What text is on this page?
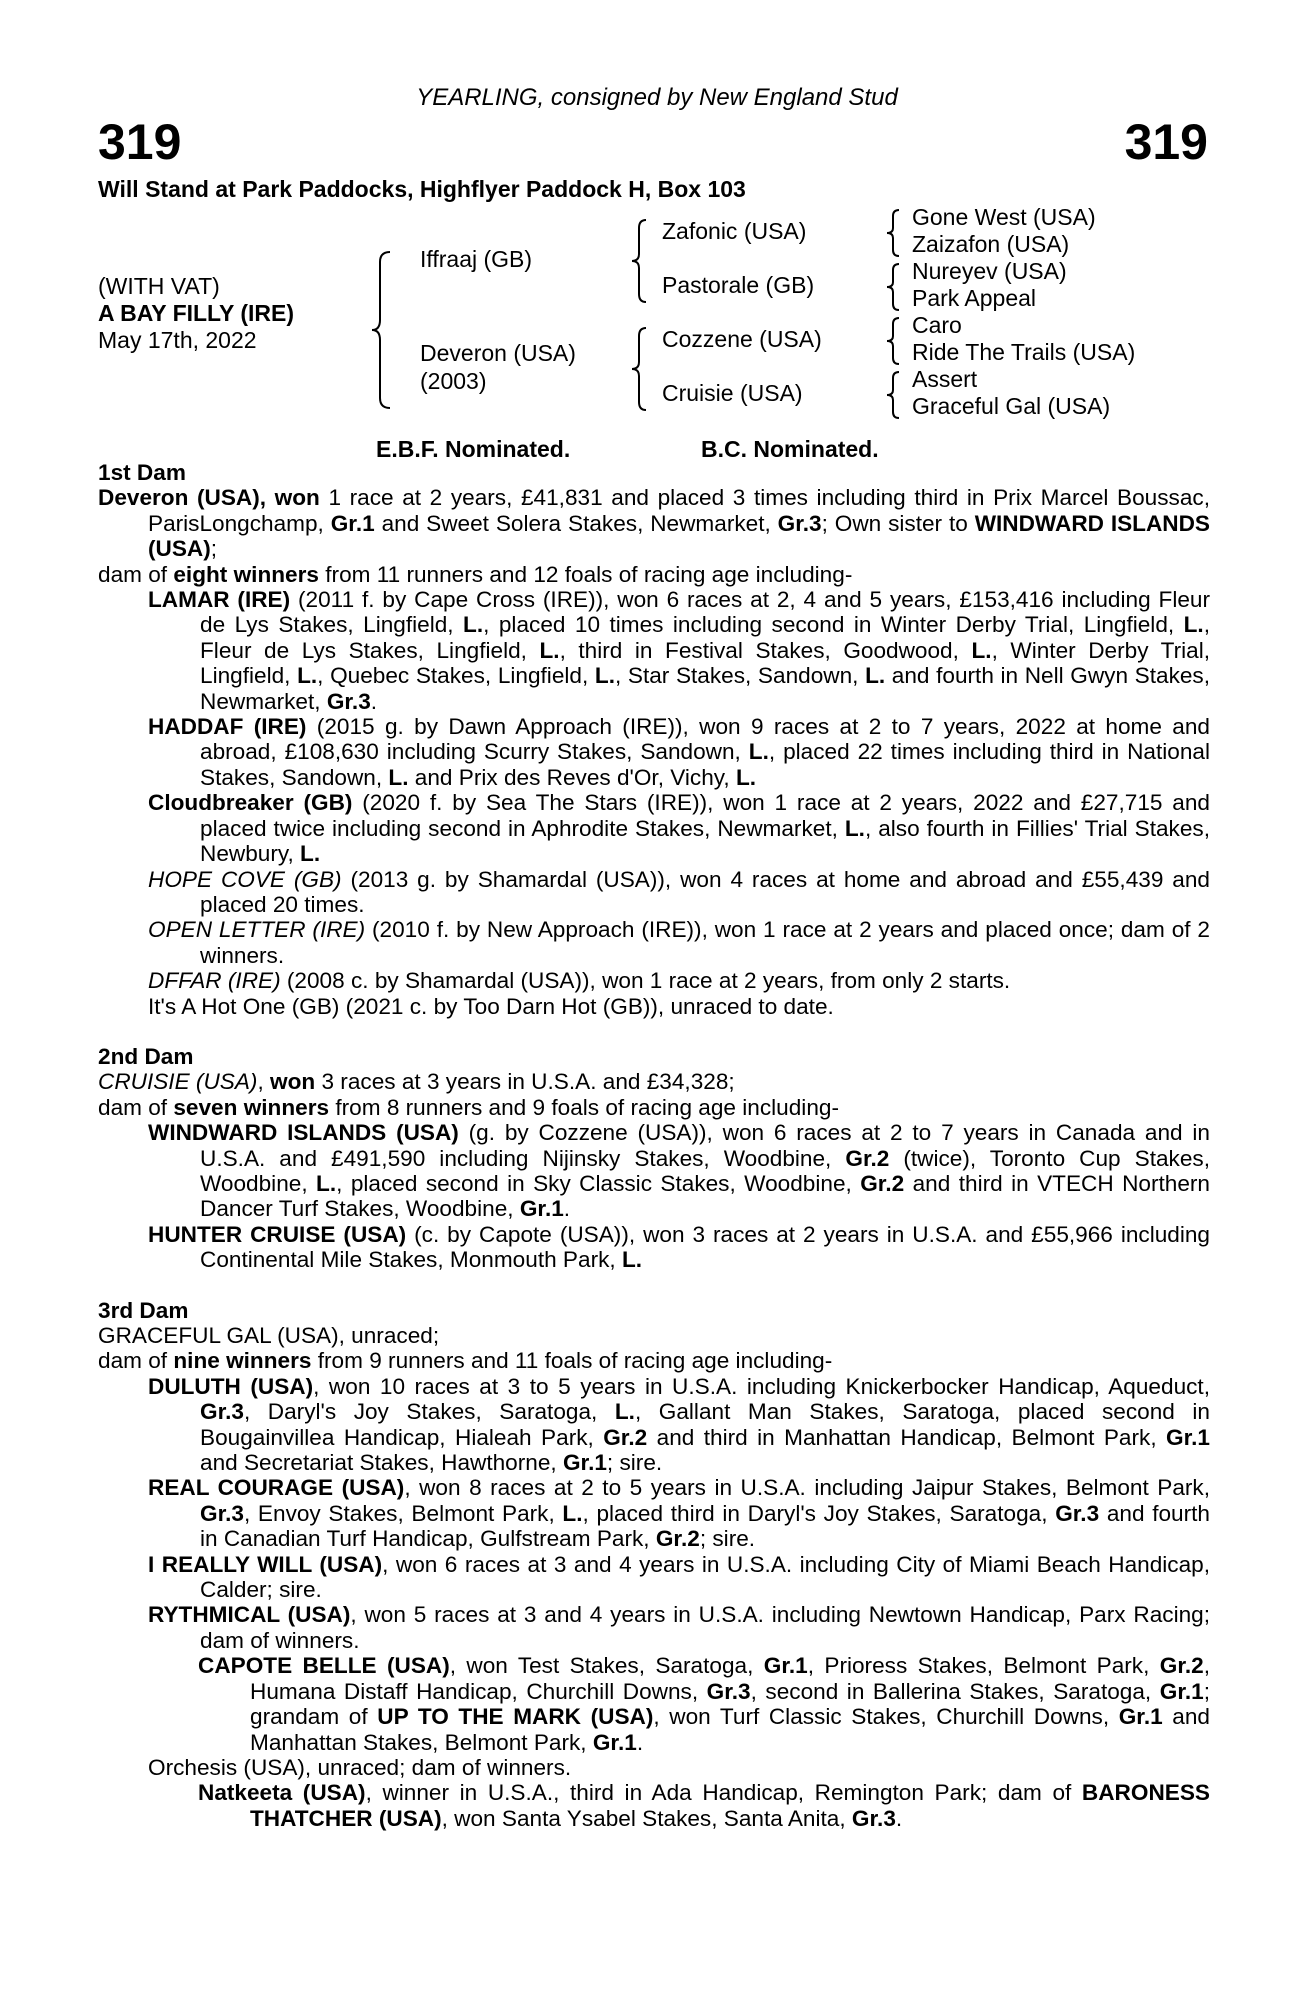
YEARLING, consigned by New England Stud
319	319
Will Stand at Park Paddocks, Highflyer Paddock H, Box 103
(WITH VAT)
A BAY FILLY (IRE)
May 17th, 2022
Iffraaj (GB)
Deveron (USA)
(2003)
Zafonic (USA)
Pastorale (GB)
Cozzene (USA)
Cruisie (USA)
Gone West (USA)
Zaizafon (USA)
Nureyev (USA)
Park Appeal
Caro
Ride The Trails (USA)
Assert
Graceful Gal (USA)
E.B.F. Nominated.	B.C. Nominated.
1st Dam
Deveron (USA), won 1 race at 2 years, £41,831 and placed 3 times including third in Prix Marcel Boussac, ParisLongchamp, Gr.1 and Sweet Solera Stakes, Newmarket, Gr.3; Own sister to WINDWARD ISLANDS (USA);
dam of eight winners from 11 runners and 12 foals of racing age including-
LAMAR (IRE) (2011 f. by Cape Cross (IRE)), won 6 races at 2, 4 and 5 years, £153,416 including Fleur de Lys Stakes, Lingfield, L., placed 10 times including second in Winter Derby Trial, Lingfield, L., Fleur de Lys Stakes, Lingfield, L., third in Festival Stakes, Goodwood, L., Winter Derby Trial, Lingfield, L., Quebec Stakes, Lingfield, L., Star Stakes, Sandown, L. and fourth in Nell Gwyn Stakes, Newmarket, Gr.3.
HADDAF (IRE) (2015 g. by Dawn Approach (IRE)), won 9 races at 2 to 7 years, 2022 at home and abroad, £108,630 including Scurry Stakes, Sandown, L., placed 22 times including third in National Stakes, Sandown, L. and Prix des Reves d'Or, Vichy, L.
Cloudbreaker (GB) (2020 f. by Sea The Stars (IRE)), won 1 race at 2 years, 2022 and £27,715 and placed twice including second in Aphrodite Stakes, Newmarket, L., also fourth in Fillies' Trial Stakes, Newbury, L.
HOPE COVE (GB) (2013 g. by Shamardal (USA)), won 4 races at home and abroad and £55,439 and placed 20 times.
OPEN LETTER (IRE) (2010 f. by New Approach (IRE)), won 1 race at 2 years and placed once; dam of 2 winners.
DFFAR (IRE) (2008 c. by Shamardal (USA)), won 1 race at 2 years, from only 2 starts.
It's A Hot One (GB) (2021 c. by Too Darn Hot (GB)), unraced to date.
2nd Dam
CRUISIE (USA), won 3 races at 3 years in U.S.A. and £34,328;
dam of seven winners from 8 runners and 9 foals of racing age including-
WINDWARD ISLANDS (USA) (g. by Cozzene (USA)), won 6 races at 2 to 7 years in Canada and in U.S.A. and £491,590 including Nijinsky Stakes, Woodbine, Gr.2 (twice), Toronto Cup Stakes, Woodbine, L., placed second in Sky Classic Stakes, Woodbine, Gr.2 and third in VTECH Northern Dancer Turf Stakes, Woodbine, Gr.1.
HUNTER CRUISE (USA) (c. by Capote (USA)), won 3 races at 2 years in U.S.A. and £55,966 including Continental Mile Stakes, Monmouth Park, L.
3rd Dam
GRACEFUL GAL (USA), unraced;
dam of nine winners from 9 runners and 11 foals of racing age including-
DULUTH (USA), won 10 races at 3 to 5 years in U.S.A. including Knickerbocker Handicap, Aqueduct, Gr.3, Daryl's Joy Stakes, Saratoga, L., Gallant Man Stakes, Saratoga, placed second in Bougainvillea Handicap, Hialeah Park, Gr.2 and third in Manhattan Handicap, Belmont Park, Gr.1 and Secretariat Stakes, Hawthorne, Gr.1; sire.
REAL COURAGE (USA), won 8 races at 2 to 5 years in U.S.A. including Jaipur Stakes, Belmont Park, Gr.3, Envoy Stakes, Belmont Park, L., placed third in Daryl's Joy Stakes, Saratoga, Gr.3 and fourth in Canadian Turf Handicap, Gulfstream Park, Gr.2; sire.
I REALLY WILL (USA), won 6 races at 3 and 4 years in U.S.A. including City of Miami Beach Handicap, Calder; sire.
RYTHMICAL (USA), won 5 races at 3 and 4 years in U.S.A. including Newtown Handicap, Parx Racing; dam of winners.
CAPOTE BELLE (USA), won Test Stakes, Saratoga, Gr.1, Prioress Stakes, Belmont Park, Gr.2, Humana Distaff Handicap, Churchill Downs, Gr.3, second in Ballerina Stakes, Saratoga, Gr.1; grandam of UP TO THE MARK (USA), won Turf Classic Stakes, Churchill Downs, Gr.1 and Manhattan Stakes, Belmont Park, Gr.1.
Orchesis (USA), unraced; dam of winners.
Natkeeta (USA), winner in U.S.A., third in Ada Handicap, Remington Park; dam of BARONESS THATCHER (USA), won Santa Ysabel Stakes, Santa Anita, Gr.3.
